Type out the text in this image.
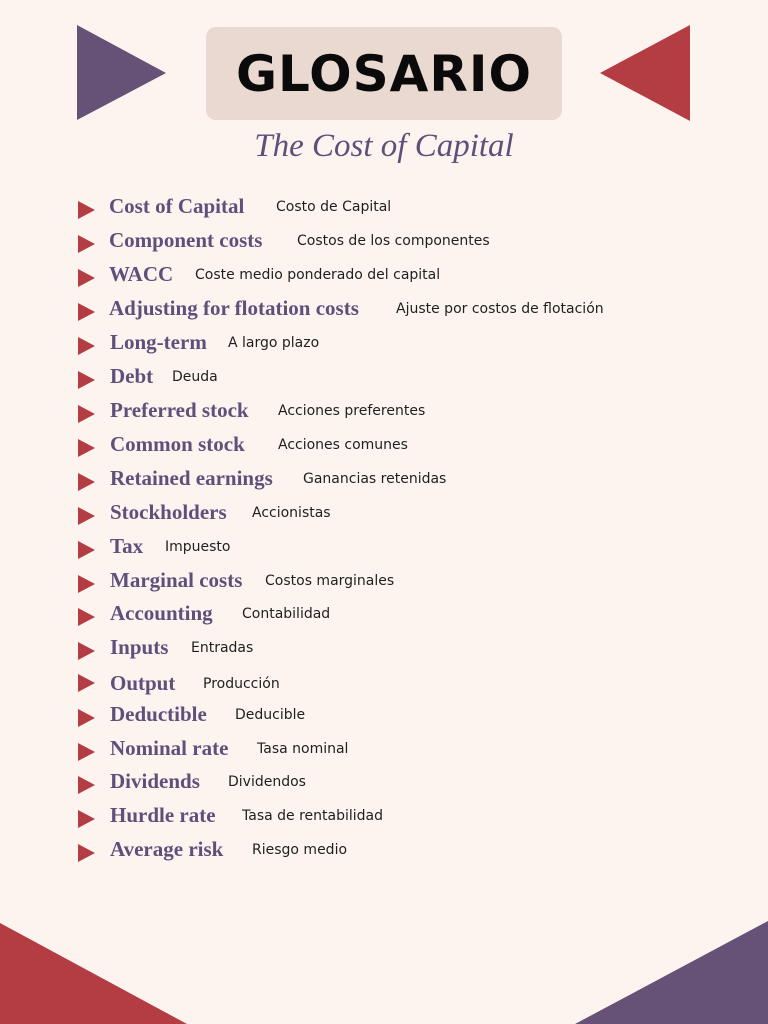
GLOSARIO
The Cost of Capital
Cost of Capital Costo de Capital
Component costs Costos de los componentes
WACC Coste medio ponderado del capital
Adjusting for flotation costs	Ajuste por costos de flotación
Long-term A largo plazo
Debt Deuda
Preferred stock Acciones preferentes
Common stock Acciones comunes
Retained earnings Ganancias retenidas
Stockholders Accionistas
Tax Impuesto
Marginal costs Costos marginales
Accounting Contabilidad
Inputs Entradas
Output Producción
Deductible Deducible
Nominal rate Tasa nominal
Dividends Dividendos
Hurdle rate Tasa de rentabilidad
Average risk Riesgo medio
